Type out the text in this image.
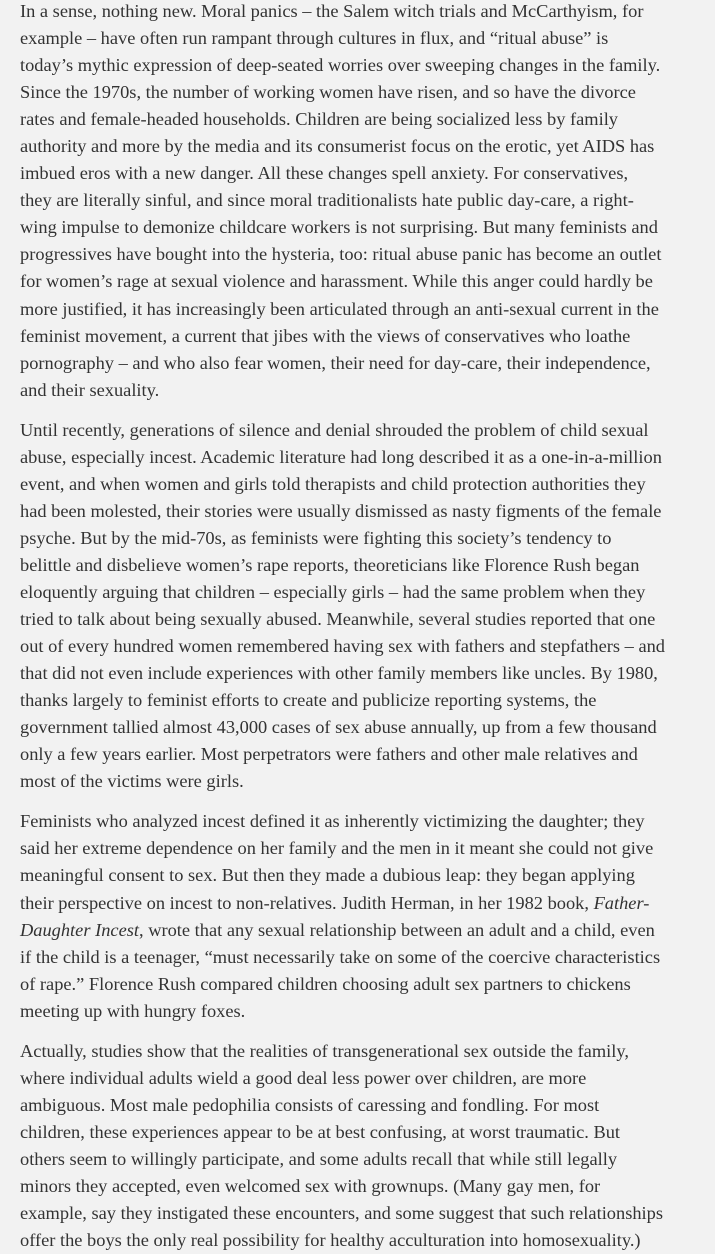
In a sense, nothing new. Moral panics – the Salem witch trials and McCarthyism, for
example – have often run rampant through cultures in flux, and “ritual abuse” is
today’s mythic expression of deep-seated worries over sweeping changes in the family.
Since the 1970s, the number of working women have risen, and so have the divorce
rates and female-headed households. Children are being socialized less by family
authority and more by the media and its consumerist focus on the erotic, yet AIDS has
imbued eros with a new danger. All these changes spell anxiety. For conservatives,
they are literally sinful, and since moral traditionalists hate public day-care, a right-
wing impulse to demonize childcare workers is not surprising. But many feminists and
progressives have bought into the hysteria, too: ritual abuse panic has become an outlet
for women’s rage at sexual violence and harassment. While this anger could hardly be
more justified, it has increasingly been articulated through an anti-sexual current in the
feminist movement, a current that jibes with the views of conservatives who loathe
pornography – and who also fear women, their need for day-care, their independence,
and their sexuality.

Until recently, generations of silence and denial shrouded the problem of child sexual
abuse, especially incest. Academic literature had long described it as a one-in-a-million
event, and when women and girls told therapists and child protection authorities they
had been molested, their stories were usually dismissed as nasty figments of the female
psyche. But by the mid-70s, as feminists were fighting this society’s tendency to
belittle and disbelieve women’s rape reports, theoreticians like Florence Rush began
eloquently arguing that children – especially girls – had the same problem when they
tried to talk about being sexually abused. Meanwhile, several studies reported that one
out of every hundred women remembered having sex with fathers and stepfathers – and
that did not even include experiences with other family members like uncles. By 1980,
thanks largely to feminist efforts to create and publicize reporting systems, the
government tallied almost 43,000 cases of sex abuse annually, up from a few thousand
only a few years earlier. Most perpetrators were fathers and other male relatives and
most of the victims were girls.

Feminists who analyzed incest defined it as inherently victimizing the daughter; they
said her extreme dependence on her family and the men in it meant she could not give
meaningful consent to sex. But then they made a dubious leap: they began applying
their perspective on incest to non-relatives. Judith Herman, in her 1982 book, Father-
Daughter Incest, wrote that any sexual relationship between an adult and a child, even
if the child is a teenager, “must necessarily take on some of the coercive characteristics
of rape.” Florence Rush compared children choosing adult sex partners to chickens
meeting up with hungry foxes.

Actually, studies show that the realities of transgenerational sex outside the family,
where individual adults wield a good deal less power over children, are more
ambiguous. Most male pedophilia consists of caressing and fondling. For most
children, these experiences appear to be at best confusing, at worst traumatic. But
others seem to willingly participate, and some adults recall that while still legally
minors they accepted, even welcomed sex with grownups. (Many gay men, for
example, say they instigated these encounters, and some suggest that such relationships
offer the boys the only real possibility for healthy acculturation into homosexuality.)
